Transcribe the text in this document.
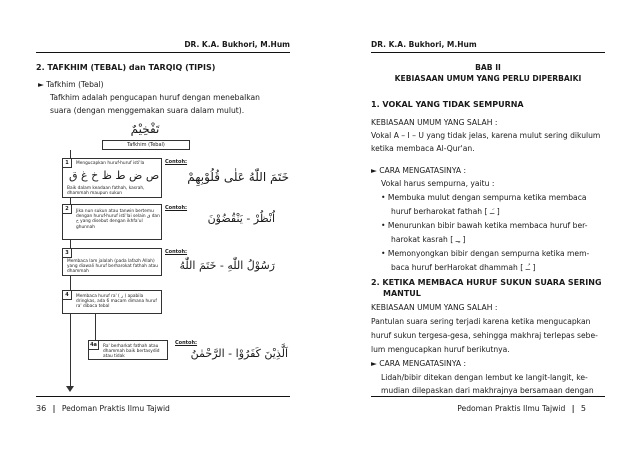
DR. K.A. Bukhori, M.Hum
2. TAFKHIM (TEBAL) dan TARQIQ (TIPIS)
► Tafkhim (Tebal)
Tafkhim adalah pengucapan huruf dengan menebalkan
suara (dengan menggemakan suara dalam mulut).
تَفْخِيْمٌ
Tafkhim (Tebal)
1	Mengucapkan huruf-huruf isti'la
ص ض ط ظ خ غ ق
Baik dalam keadaan fathah, kasrah, dhammah maupun sukun
Contoh:
خَتَمَ اللّٰهُ عَلٰى قُلُوْبِهِمْ
2	Jika nun sukun atau tanwin bertemu dengan huruf-huruf isti'lai selain ق dan خ yang disebut dengan ikhfa'ul ghunnah
Contoh:
اُنْظُرْ - يَنْقُضُوْنَ
3
Membaca lam jalalah (pada lafazh Allah) yang diawali huruf berharokat fathah atau dhammah
Contoh:
رَسُوْلُ اللّٰهِ - خَتَمَ اللّٰهُ
4	Membaca huruf ra' ( ر ) apabila dringkas, ada 6 macam dimana huruf ra' dibaca tebal
4a	Ra' berharkat fathah atau dhammah baik bertasydid atau tidak
Contoh:
اَلَّذِيْنَ كَفَرُوْا - الرَّحْمٰنُ
36 | Pedoman Praktis Ilmu Tajwid
DR. K.A. Bukhori, M.Hum
BAB II
KEBIASAAN UMUM YANG PERLU DIPERBAIKI
1. VOKAL YANG TIDAK SEMPURNA
KEBIASAAN UMUM YANG SALAH :
Vokal A – I – U yang tidak jelas, karena mulut sering dikulum
ketika membaca Al-Qur'an.
► CARA MENGATASINYA :
Vokal harus sempurna, yaitu :
• Membuka mulut dengan sempurna ketika membaca
huruf berharokat fathah [ ـَـ ]
• Menurunkan bibir bawah ketika membaca huruf ber-
harokat kasrah [ ـِـ ]
• Memonyongkan bibir dengan sempurna ketika mem-
baca huruf berHarokat dhammah [ ـُـ ]
2. KETIKA MEMBACA HURUF SUKUN SUARA SERING
MANTUL
KEBIASAAN UMUM YANG SALAH :
Pantulan suara sering terjadi karena ketika mengucapkan
huruf sukun tergesa-gesa, sehingga makhraj terlepas sebe-
lum mengucapkan huruf berikutnya.
► CARA MENGATASINYA :
Lidah/bibir ditekan dengan lembut ke langit-langit, ke-
mudian dilepaskan dari makhrajnya bersamaan dengan
Pedoman Praktis Ilmu Tajwid | 5
